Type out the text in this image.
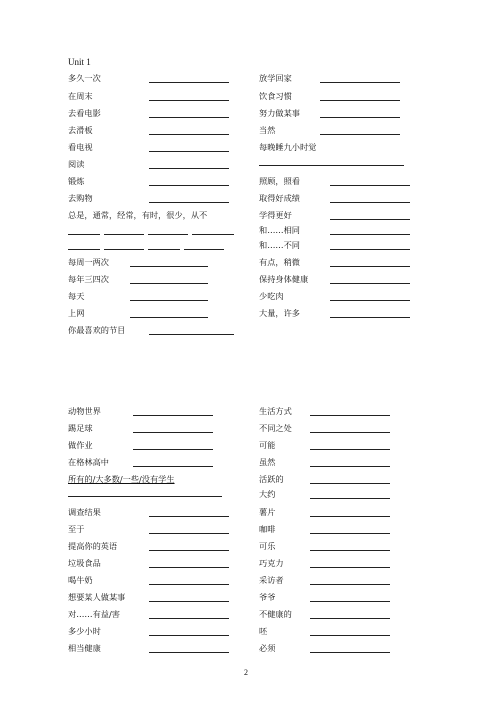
Unit 1
多久一次	放学回家
在周末	饮食习惯
去看电影	努力做某事
去滑板	当然
看电视	每晚睡九小时觉
阅读
锻炼	照顾，照看
去购物	取得好成绩
总是，通常，经常，有时，很少，从不	学得更好
和……相同
和……不同
每周一两次	有点，稍微
每年三四次	保持身体健康
每天	少吃肉
上网	大量，许多
你最喜欢的节目
动物世界	生活方式
踢足球	不同之处
做作业	可能
在格林高中	虽然
所有的/大多数/一些/没有学生	活跃的
大约
调查结果	薯片
至于	咖啡
提高你的英语	可乐
垃圾食品	巧克力
喝牛奶	采访者
想要某人做某事	爷爷
对……有益/害	不健康的
多少小时	呸
相当健康	必须
2
